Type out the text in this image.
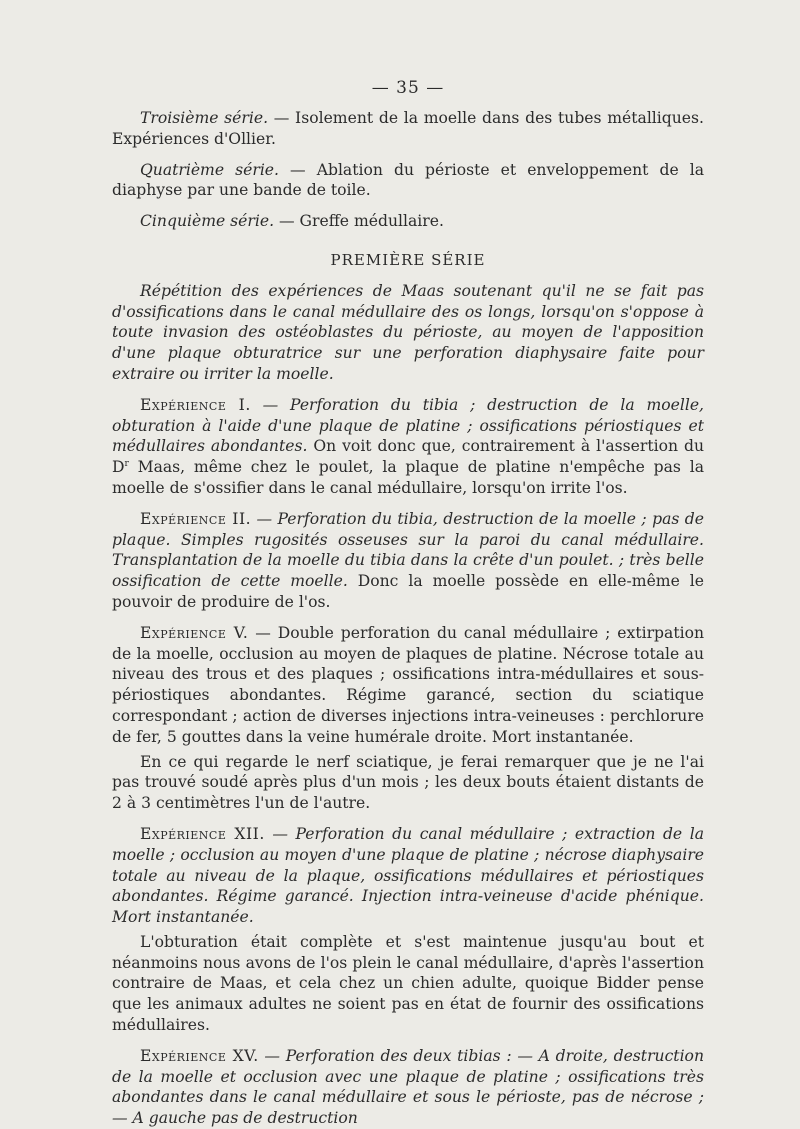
— 35 —

Troisième série. — Isolement de la moelle dans des tubes métalliques. Expériences d'Ollier.

Quatrième série. — Ablation du périoste et enveloppement de la diaphyse par une bande de toile.

Cinquième série. — Greffe médullaire.

PREMIÈRE SÉRIE

Répétition des expériences de Maas soutenant qu'il ne se fait pas d'ossifications dans le canal médullaire des os longs, lorsqu'on s'oppose à toute invasion des ostéoblastes du périoste, au moyen de l'apposition d'une plaque obturatrice sur une perforation diaphysaire faite pour extraire ou irriter la moelle.

Expérience I. — Perforation du tibia ; destruction de la moelle, obturation à l'aide d'une plaque de platine ; ossifications périostiques et médullaires abondantes. On voit donc que, contrairement à l'assertion du $D^r$ Maas, même chez le poulet, la plaque de platine n'empêche pas la moelle de s'ossifier dans le canal médullaire, lorsqu'on irrite l'os.

Expérience II. — Perforation du tibia, destruction de la moelle ; pas de plaque. Simples rugosités osseuses sur la paroi du canal médullaire. Transplantation de la moelle du tibia dans la crête d'un poulet. ; très belle ossification de cette moelle. Donc la moelle possède en elle-même le pouvoir de produire de l'os.

Expérience V. — Double perforation du canal médullaire ; extirpation de la moelle, occlusion au moyen de plaques de platine. Nécrose totale au niveau des trous et des plaques ; ossifications intra-médullaires et sous-périostiques abondantes. Régime garancé, section du sciatique correspondant ; action de diverses injections intra-veineuses : perchlorure de fer, 5 gouttes dans la veine humérale droite. Mort instantanée.

En ce qui regarde le nerf sciatique, je ferai remarquer que je ne l'ai pas trouvé soudé après plus d'un mois ; les deux bouts étaient distants de 2 à 3 centimètres l'un de l'autre.

Expérience XII. — Perforation du canal médullaire ; extraction de la moelle ; occlusion au moyen d'une plaque de platine ; nécrose diaphysaire totale au niveau de la plaque, ossifications médullaires et périostiques abondantes. Régime garancé. Injection intra-veineuse d'acide phénique. Mort instantanée.

L'obturation était complète et s'est maintenue jusqu'au bout et néanmoins nous avons de l'os plein le canal médullaire, d'après l'assertion contraire de Maas, et cela chez un chien adulte, quoique Bidder pense que les animaux adultes ne soient pas en état de fournir des ossifications médullaires.

Expérience XV. — Perforation des deux tibias : — A droite, destruction de la moelle et occlusion avec une plaque de platine ; ossifications très abondantes dans le canal médullaire et sous le périoste, pas de nécrose ; — A gauche pas de destruction
